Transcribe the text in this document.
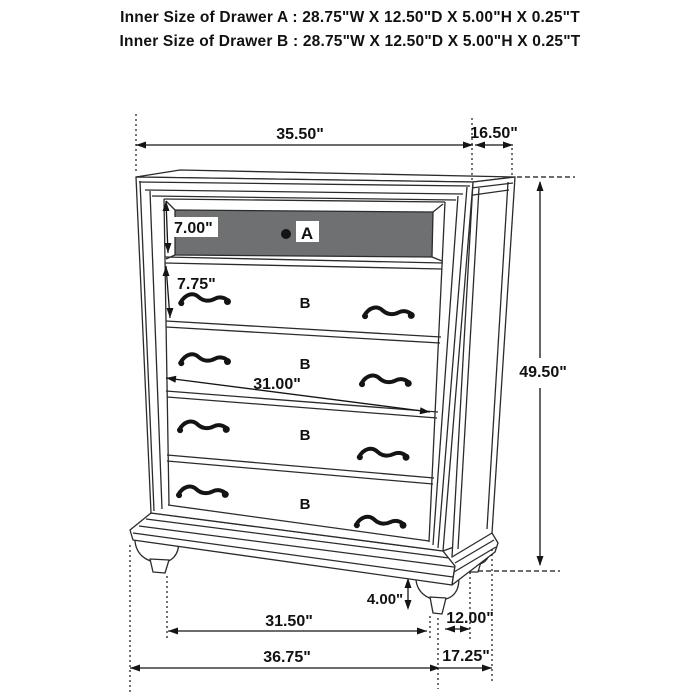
Inner Size of Drawer A : 28.75"W X 12.50"D X 5.00"H X 0.25"T
Inner Size of Drawer B : 28.75"W X 12.50"D X 5.00"H X 0.25"T
A
B
B
B
B
35.50"	16.50"
7.00"
7.75"
31.00"
49.50"
4.00"
31.50"	12.00"
36.75"	17.25"
